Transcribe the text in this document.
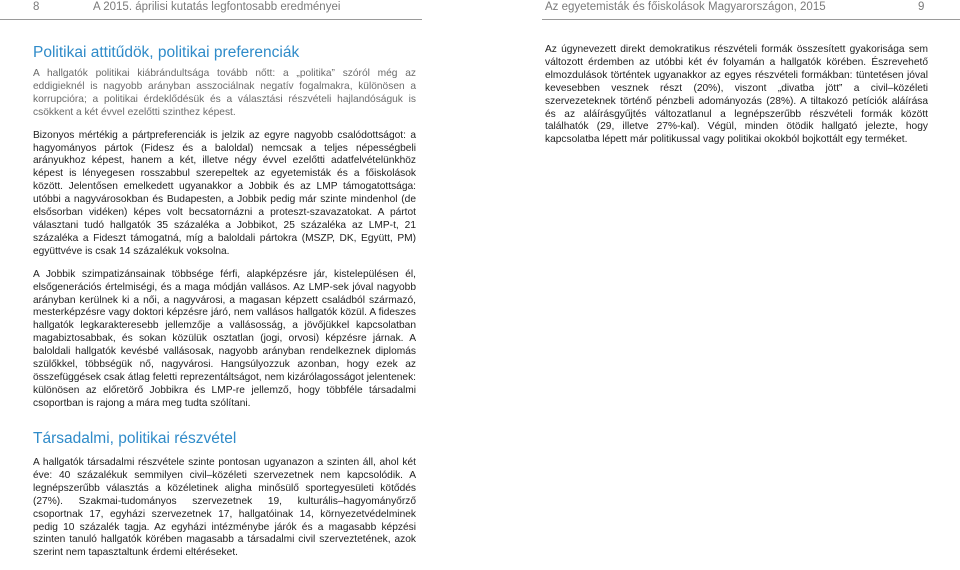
8	A 2015. áprilisi kutatás legfontosabb eredményei	Az egyetemisták és főiskolások Magyarországon, 2015	9
Politikai attitűdök, politikai preferenciák

A hallgatók politikai kiábrándultsága tovább nőtt: a „politika” szóról még az eddigieknél is nagyobb arányban asszociálnak negatív fogalmakra, különösen a korrupcióra; a politikai érdeklődésük és a választási részvételi hajlandóságuk is csökkent a két évvel ezelőtti szinthez képest.

Bizonyos mértékig a pártpreferenciák is jelzik az egyre nagyobb csalódottságot: a hagyományos pártok (Fidesz és a baloldal) nemcsak a teljes népességbeli arányukhoz képest, hanem a két, illetve négy évvel ezelőtti adatfelvételünkhöz képest is lényegesen rosszabbul szerepeltek az egyetemisták és a főiskolások között. Jelentősen emelkedett ugyanakkor a Jobbik és az LMP támogatottsága: utóbbi a nagyvárosokban és Budapesten, a Jobbik pedig már szinte mindenhol (de elsősorban vidéken) képes volt becsatornázni a proteszt-szavazatokat. A pártot választani tudó hallgatók 35 százaléka a Jobbikot, 25 százaléka az LMP-t, 21 százaléka a Fideszt támogatná, míg a baloldali pártokra (MSZP, DK, Együtt, PM) együttvéve is csak 14 százalékuk voksolna.

A Jobbik szimpatizánsainak többsége férfi, alapképzésre jár, kistelepülésen él, elsőgenerációs értelmiségi, és a maga módján vallásos. Az LMP-sek jóval nagyobb arányban kerülnek ki a női, a nagyvárosi, a magasan képzett családból származó, mesterképzésre vagy doktori képzésre járó, nem vallásos hallgatók közül. A fideszes hallgatók legkarakteresebb jellemzője a vallásosság, a jövőjükkel kapcsolatban magabiztosabbak, és sokan közülük osztatlan (jogi, orvosi) képzésre járnak. A baloldali hallgatók kevésbé vallásosak, nagyobb arányban rendelkeznek diplomás szülőkkel, többségük nő, nagyvárosi. Hangsúlyozzuk azonban, hogy ezek az összefüggések csak átlag feletti reprezentáltságot, nem kizárólagosságot jelentenek: különösen az előretörő Jobbikra és LMP-re jellemző, hogy többféle társadalmi csoportban is rajong a mára meg tudta szólítani.

Társadalmi, politikai részvétel

A hallgatók társadalmi részvétele szinte pontosan ugyanazon a szinten áll, ahol két éve: 40 százalékuk semmilyen civil–közéleti szervezetnek nem kapcsolódik. A legnépszerűbb választás a közéletinek aligha minősülő sportegyesületi kötődés (27%). Szakmai-tudományos szervezetnek 19, kulturális–hagyományőrző csoportnak 17, egyházi szervezetnek 17, hallgatóinak 14, környezetvédelminek pedig 10 százalék tagja. Az egyházi intézménybe járók és a magasabb képzési szinten tanuló hallgatók körében magasabb a társadalmi civil szerveztetének, azok szerint nem tapasztaltunk érdemi eltéréseket.

Az úgynevezett direkt demokratikus részvételi formák összesített gyakorisága sem változott érdemben az utóbbi két év folyamán a hallgatók körében. Észrevehető elmozdulások történtek ugyanakkor az egyes részvételi formákban: tüntetésen jóval kevesebben vesznek részt (20%), viszont „divatba jött” a civil–közéleti szervezeteknek történő pénzbeli adományozás (28%). A tiltakozó petíciók aláírása és az aláírásgyűjtés változatlanul a legnépszerűbb részvételi formák között találhatók (29, illetve 27%-kal). Végül, minden ötödik hallgató jelezte, hogy kapcsolatba lépett már politikussal vagy politikai okokból bojkottált egy terméket.
